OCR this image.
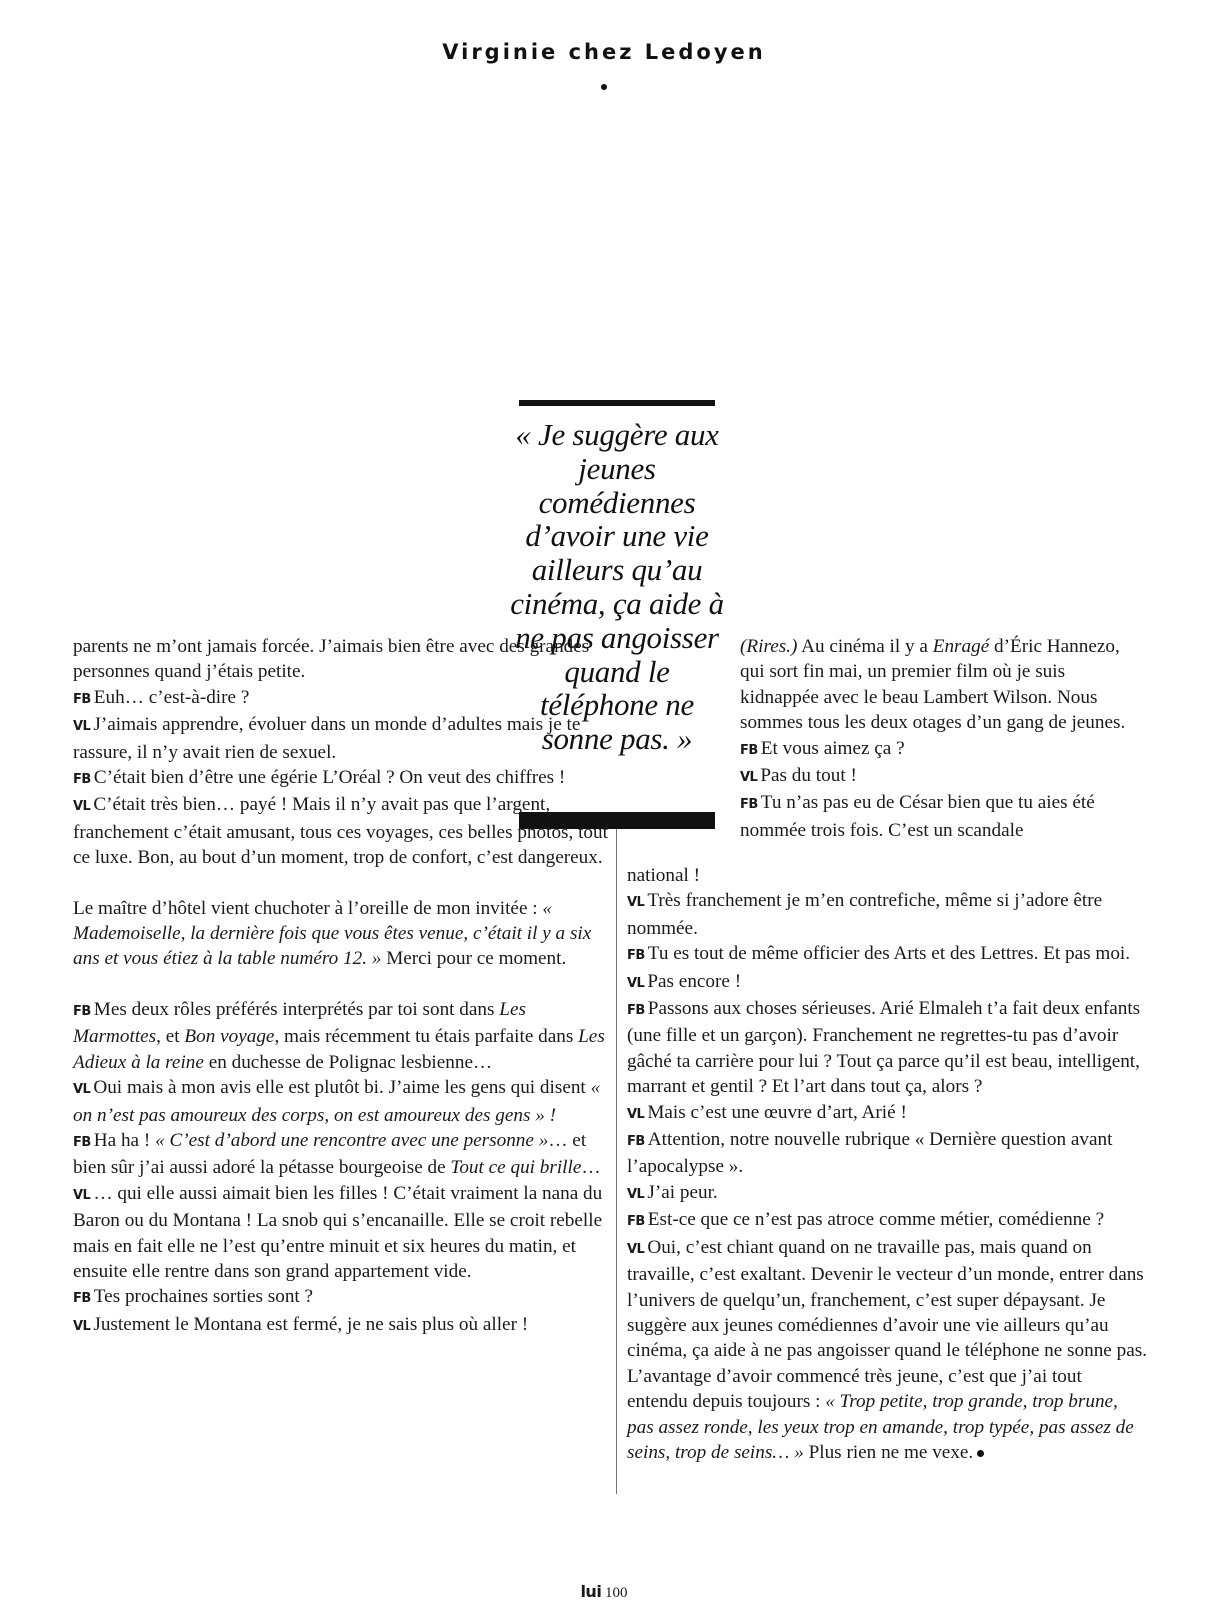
Virginie chez Ledoyen
« Je suggère aux jeunes comédiennes d’avoir une vie ailleurs qu’au cinéma, ça aide à ne pas angoisser quand le téléphone ne sonne pas. »

parents ne m’ont jamais forcée. J’aimais bien être avec des grandes personnes quand j’étais petite.

FB Euh… c’est-à-dire ?

VL J’aimais apprendre, évoluer dans un monde d’adultes mais je te rassure, il n’y avait rien de sexuel.

FB C’était bien d’être une égérie L’Oréal ? On veut des chiffres !

VL C’était très bien… payé ! Mais il n’y avait pas que l’argent, franchement c’était amusant, tous ces voyages, ces belles photos, tout ce luxe. Bon, au bout d’un moment, trop de confort, c’est dangereux.

Le maître d’hôtel vient chuchoter à l’oreille de mon invitée : « Mademoiselle, la dernière fois que vous êtes venue, c’était il y a six ans et vous étiez à la table numéro 12. » Merci pour ce moment.

FB Mes deux rôles préférés interprétés par toi sont dans Les Marmottes, et Bon voyage, mais récemment tu étais parfaite dans Les Adieux à la reine en duchesse de Polignac lesbienne…

VL Oui mais à mon avis elle est plutôt bi. J’aime les gens qui disent « on n’est pas amoureux des corps, on est amoureux des gens » !

FB Ha ha ! « C’est d’abord une rencontre avec une personne »… et bien sûr j’ai aussi adoré la pétasse bourgeoise de Tout ce qui brille…

VL … qui elle aussi aimait bien les filles ! C’était vraiment la nana du Baron ou du Montana ! La snob qui s’encanaille. Elle se croit rebelle mais en fait elle ne l’est qu’entre minuit et six heures du matin, et ensuite elle rentre dans son grand appartement vide.

FB Tes prochaines sorties sont ?

VL Justement le Montana est fermé, je ne sais plus où aller !

(Rires.) Au cinéma il y a Enragé d’Éric Hannezo, qui sort fin mai, un premier film où je suis kidnappée avec le beau Lambert Wilson. Nous sommes tous les deux otages d’un gang de jeunes.

FB Et vous aimez ça ?

VL Pas du tout !

FB Tu n’as pas eu de César bien que tu aies été nommée trois fois. C’est un scandale

national !

VL Très franchement je m’en contrefiche, même si j’adore être nommée.

FB Tu es tout de même officier des Arts et des Lettres. Et pas moi.

VL Pas encore !

FB Passons aux choses sérieuses. Arié Elmaleh t’a fait deux enfants (une fille et un garçon). Franchement ne regrettes-tu pas d’avoir gâché ta carrière pour lui ? Tout ça parce qu’il est beau, intelligent, marrant et gentil ? Et l’art dans tout ça, alors ?

VL Mais c’est une œuvre d’art, Arié !

FB Attention, notre nouvelle rubrique « Dernière question avant l’apocalypse ».

VL J’ai peur.

FB Est-ce que ce n’est pas atroce comme métier, comédienne ?

VL Oui, c’est chiant quand on ne travaille pas, mais quand on travaille, c’est exaltant. Devenir le vecteur d’un monde, entrer dans l’univers de quelqu’un, franchement, c’est super dépaysant. Je suggère aux jeunes comédiennes d’avoir une vie ailleurs qu’au cinéma, ça aide à ne pas angoisser quand le téléphone ne sonne pas. L’avantage d’avoir commencé très jeune, c’est que j’ai tout entendu depuis toujours : « Trop petite, trop grande, trop brune, pas assez ronde, les yeux trop en amande, trop typée, pas assez de seins, trop de seins… » Plus rien ne me vexe.

lui 100
